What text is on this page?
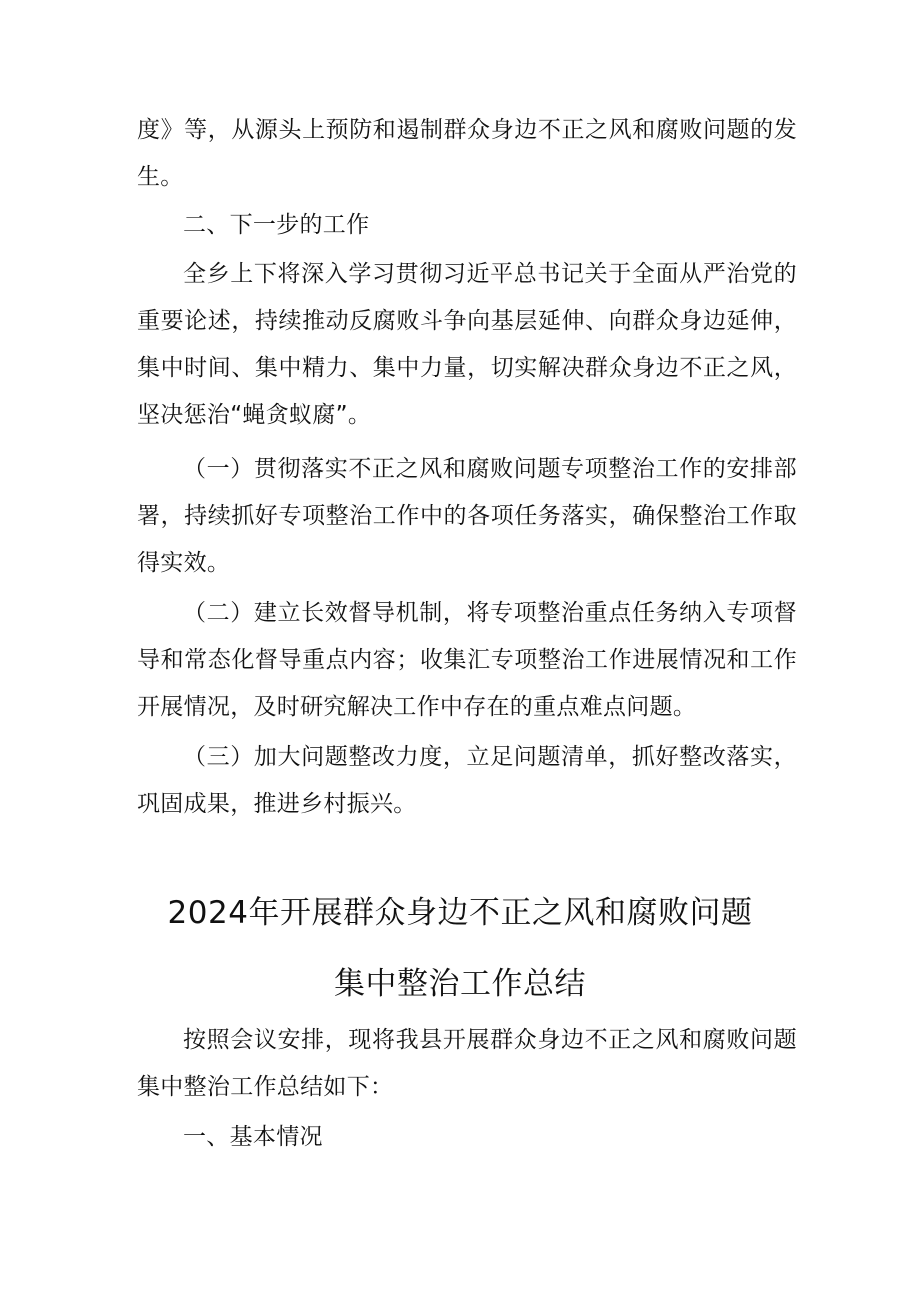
度》等，从源头上预防和遏制群众身边不正之风和腐败问题的发生。

二、下一步的工作

全乡上下将深入学习贯彻习近平总书记关于全面从严治党的重要论述，持续推动反腐败斗争向基层延伸、向群众身边延伸，集中时间、集中精力、集中力量，切实解决群众身边不正之风，坚决惩治“蝇贪蚁腐”。

（一）贯彻落实不正之风和腐败问题专项整治工作的安排部署，持续抓好专项整治工作中的各项任务落实，确保整治工作取得实效。

（二）建立长效督导机制，将专项整治重点任务纳入专项督导和常态化督导重点内容；收集汇专项整治工作进展情况和工作开展情况，及时研究解决工作中存在的重点难点问题。

（三）加大问题整改力度，立足问题清单，抓好整改落实，巩固成果，推进乡村振兴。

2024年开展群众身边不正之风和腐败问题
集中整治工作总结

按照会议安排，现将我县开展群众身边不正之风和腐败问题集中整治工作总结如下：

一、基本情况
